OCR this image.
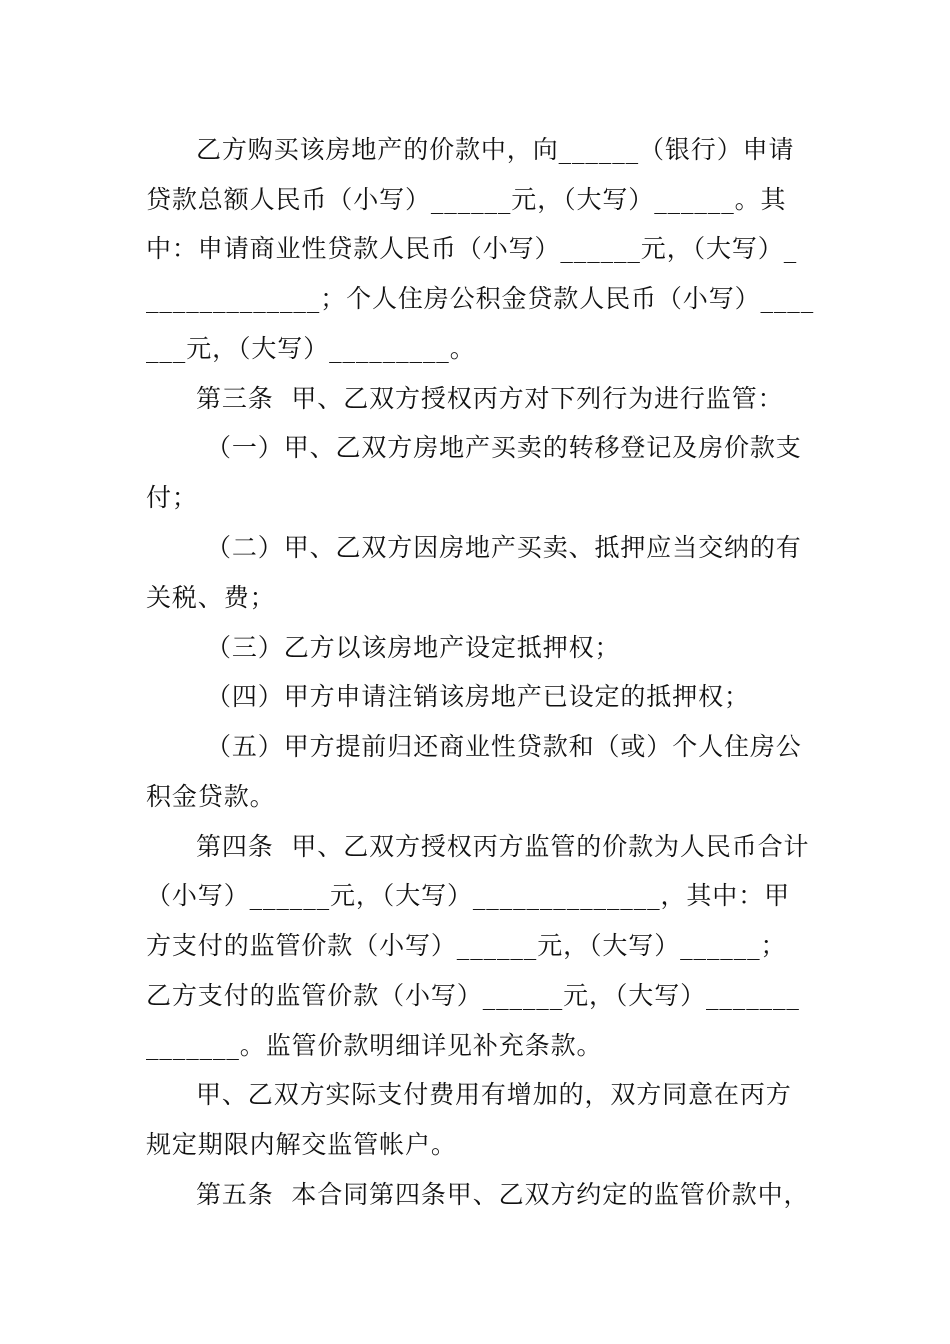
乙方购买该房地产的价款中，向______（银行）申请
贷款总额人民币（小写）______元，（大写）______。其
中：申请商业性贷款人民币（小写）______元，（大写）_
_____________；个人住房公积金贷款人民币（小写）____
___元，（大写）_________。
第三条  甲、乙双方授权丙方对下列行为进行监管：
（一）甲、乙双方房地产买卖的转移登记及房价款支
付；
（二）甲、乙双方因房地产买卖、抵押应当交纳的有
关税、费；
（三）乙方以该房地产设定抵押权；
（四）甲方申请注销该房地产已设定的抵押权；
（五）甲方提前归还商业性贷款和（或）个人住房公
积金贷款。
第四条  甲、乙双方授权丙方监管的价款为人民币合计
（小写）______元，（大写）______________，其中：甲
方支付的监管价款（小写）______元，（大写）______；
乙方支付的监管价款（小写）______元，（大写）_______
_______。监管价款明细详见补充条款。
甲、乙双方实际支付费用有增加的，双方同意在丙方
规定期限内解交监管帐户。
第五条  本合同第四条甲、乙双方约定的监管价款中，
